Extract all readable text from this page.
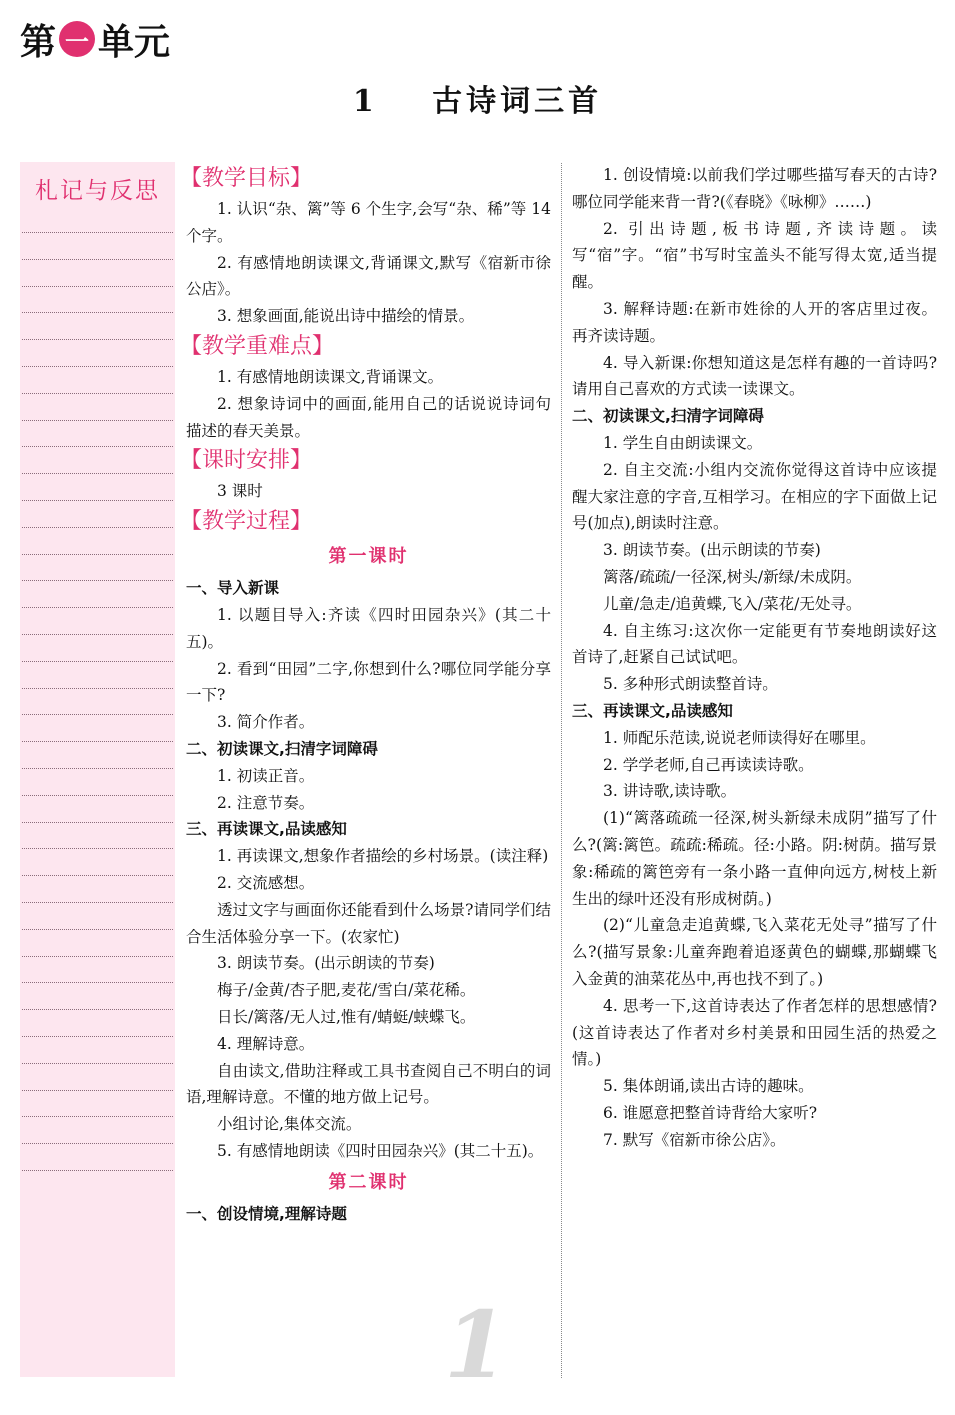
第 一 单元
1 古诗词三首
札记与反思 【教学目标】

1. 认识“杂、篱”等 6 个生字,会写“杂、稀”等 14 个字。

2. 有感情地朗读课文,背诵课文,默写《宿新市徐公店》。

3. 想象画面,能说出诗中描绘的情景。

【教学重难点】

1. 有感情地朗读课文,背诵课文。

2. 想象诗词中的画面,能用自己的话说说诗词句描述的春天美景。

【课时安排】

3 课时

【教学过程】

第一课时

一、导入新课

1. 以题目导入:齐读《四时田园杂兴》(其二十五)。

2. 看到“田园”二字,你想到什么?哪位同学能分享一下?

3. 简介作者。

二、初读课文,扫清字词障碍

1. 初读正音。

2. 注意节奏。

三、再读课文,品读感知

1. 再读课文,想象作者描绘的乡村场景。(读注释)

2. 交流感想。

透过文字与画面你还能看到什么场景?请同学们结合生活体验分享一下。(农家忙)

3. 朗读节奏。(出示朗读的节奏)

梅子/金黄/杏子肥,麦花/雪白/菜花稀。

日长/篱落/无人过,惟有/蜻蜓/蛱蝶飞。

4. 理解诗意。

自由读文,借助注释或工具书查阅自己不明白的词语,理解诗意。不懂的地方做上记号。

小组讨论,集体交流。

5. 有感情地朗读《四时田园杂兴》(其二十五)。

第二课时

一、创设情境,理解诗题

1. 创设情境:以前我们学过哪些描写春天的古诗?哪位同学能来背一背?(《春晓》《咏柳》……)

2. 引出诗题,板书诗题,齐读诗题。读写“宿”字。“宿”书写时宝盖头不能写得太宽,适当提醒。

3. 解释诗题:在新市姓徐的人开的客店里过夜。再齐读诗题。

4. 导入新课:你想知道这是怎样有趣的一首诗吗?请用自己喜欢的方式读一读课文。

二、初读课文,扫清字词障碍

1. 学生自由朗读课文。

2. 自主交流:小组内交流你觉得这首诗中应该提醒大家注意的字音,互相学习。在相应的字下面做上记号(加点),朗读时注意。

3. 朗读节奏。(出示朗读的节奏)

篱落/疏疏/一径深,树头/新绿/未成阴。

儿童/急走/追黄蝶,飞入/菜花/无处寻。

4. 自主练习:这次你一定能更有节奏地朗读好这首诗了,赶紧自己试试吧。

5. 多种形式朗读整首诗。

三、再读课文,品读感知

1. 师配乐范读,说说老师读得好在哪里。

2. 学学老师,自己再读读诗歌。

3. 讲诗歌,读诗歌。

(1)“篱落疏疏一径深,树头新绿未成阴”描写了什么?(篱:篱笆。疏疏:稀疏。径:小路。阴:树荫。描写景象:稀疏的篱笆旁有一条小路一直伸向远方,树枝上新生出的绿叶还没有形成树荫。)

(2)“儿童急走追黄蝶,飞入菜花无处寻”描写了什么?(描写景象:儿童奔跑着追逐黄色的蝴蝶,那蝴蝶飞入金黄的油菜花丛中,再也找不到了。)

4. 思考一下,这首诗表达了作者怎样的思想感情?(这首诗表达了作者对乡村美景和田园生活的热爱之情。)

5. 集体朗诵,读出古诗的趣味。

6. 谁愿意把整首诗背给大家听?

7. 默写《宿新市徐公店》。

1
